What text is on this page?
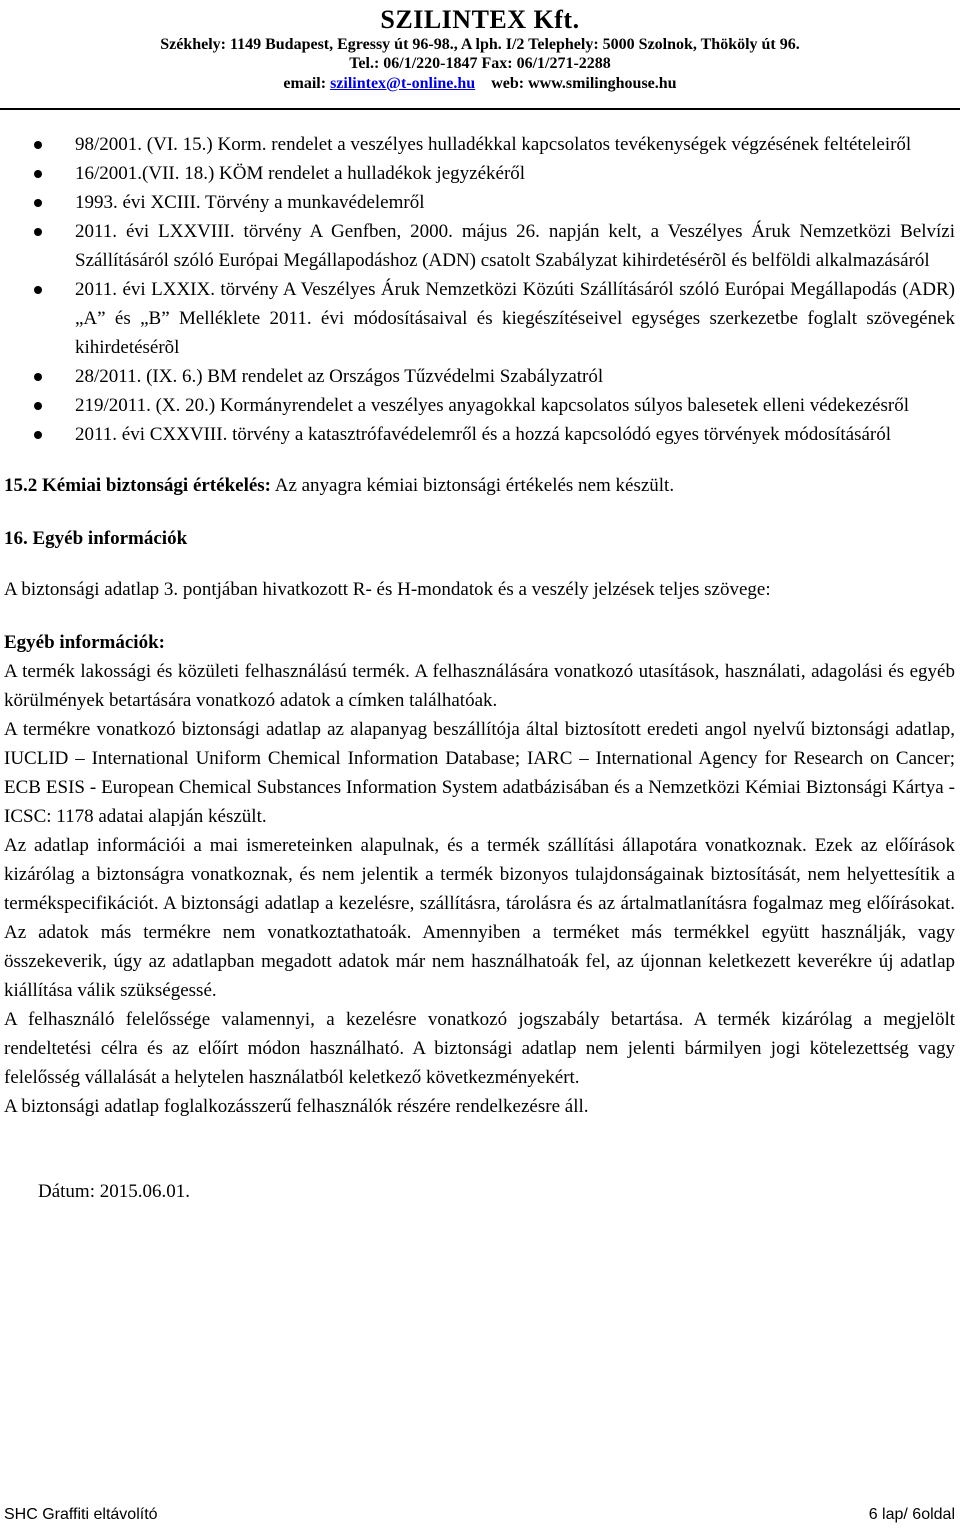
SZILINTEX Kft.
Székhely: 1149 Budapest, Egressy út 96-98., A lph. I/2 Telephely: 5000 Szolnok, Thököly út 96.
Tel.: 06/1/220-1847 Fax: 06/1/271-2288
email: szilintex@t-online.hu web: www.smilinghouse.hu
98/2001. (VI. 15.) Korm. rendelet a veszélyes hulladékkal kapcsolatos tevékenységek végzésének feltételeiről
16/2001.(VII. 18.) KÖM rendelet a hulladékok jegyzékéről
1993. évi XCIII. Törvény a munkavédelemről
2011. évi LXXVIII. törvény A Genfben, 2000. május 26. napján kelt, a Veszélyes Áruk Nemzetközi Belvízi Szállításáról szóló Európai Megállapodáshoz (ADN) csatolt Szabályzat kihirdetésérõl és belföldi alkalmazásáról
2011. évi LXXIX. törvény A Veszélyes Áruk Nemzetközi Közúti Szállításáról szóló Európai Megállapodás (ADR) „A” és „B” Melléklete 2011. évi módosításaival és kiegészítéseivel egységes szerkezetbe foglalt szövegének kihirdetésérõl
28/2011. (IX. 6.) BM rendelet az Országos Tűzvédelmi Szabályzatról
219/2011. (X. 20.) Kormányrendelet a veszélyes anyagokkal kapcsolatos súlyos balesetek elleni védekezésről
2011. évi CXXVIII. törvény a katasztrófavédelemről és a hozzá kapcsolódó egyes törvények módosításáról

15.2 Kémiai biztonsági értékelés: Az anyagra kémiai biztonsági értékelés nem készült.

16. Egyéb információk

A biztonsági adatlap 3. pontjában hivatkozott R- és H-mondatok és a veszély jelzések teljes szövege:

Egyéb információk:

A termék lakossági és közületi felhasználású termék. A felhasználására vonatkozó utasítások, használati, adagolási és egyéb körülmények betartására vonatkozó adatok a címken találhatóak.

A termékre vonatkozó biztonsági adatlap az alapanyag beszállítója által biztosított eredeti angol nyelvű biztonsági adatlap, IUCLID – International Uniform Chemical Information Database; IARC – International Agency for Research on Cancer; ECB ESIS - European Chemical Substances Information System adatbázisában és a Nemzetközi Kémiai Biztonsági Kártya - ICSC: 1178 adatai alapján készült.

Az adatlap információi a mai ismereteinken alapulnak, és a termék szállítási állapotára vonatkoznak. Ezek az előírások kizárólag a biztonságra vonatkoznak, és nem jelentik a termék bizonyos tulajdonságainak biztosítását, nem helyettesítik a termékspecifikációt. A biztonsági adatlap a kezelésre, szállításra, tárolásra és az ártalmatlanításra fogalmaz meg előírásokat. Az adatok más termékre nem vonatkoztathatoák. Amennyiben a terméket más termékkel együtt használják, vagy összekeverik, úgy az adatlapban megadott adatok már nem használhatoák fel, az újonnan keletkezett keverékre új adatlap kiállítása válik szükségessé.

A felhasználó felelőssége valamennyi, a kezelésre vonatkozó jogszabály betartása. A termék kizárólag a megjelölt rendeltetési célra és az előírt módon használható. A biztonsági adatlap nem jelenti bármilyen jogi kötelezettség vagy felelősség vállalását a helytelen használatból keletkező következményekért.

A biztonsági adatlap foglalkozásszerű felhasználók részére rendelkezésre áll.

Dátum: 2015.06.01.

SHC Graffiti eltávolító	6 lap/ 6oldal
